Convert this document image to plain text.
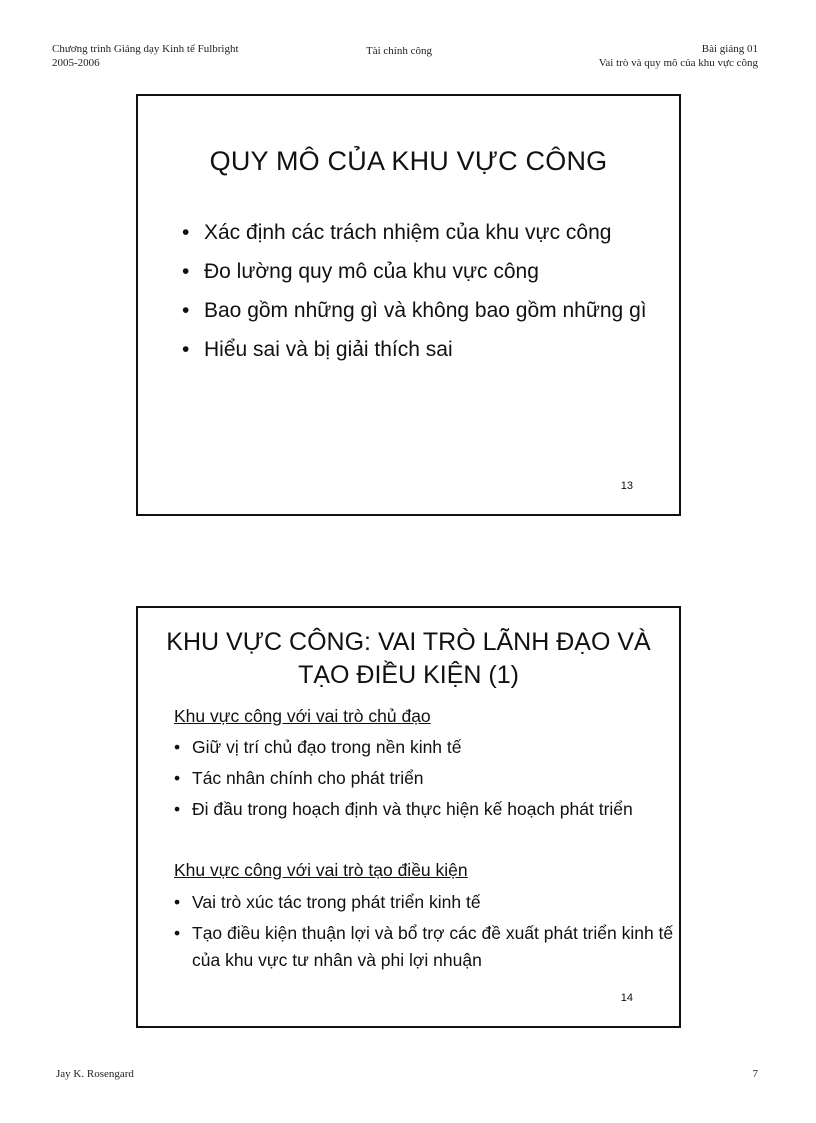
Chương trình Giảng dạy Kinh tế Fulbright
2005-2006
Tài chính công	Bài giảng 01
Vai trò và quy mô của khu vực công
QUY MÔ CỦA KHU VỰC CÔNG
• Xác định các trách nhiệm của khu vực công
• Đo lường quy mô của khu vực công
• Bao gồm những gì và không bao gồm những gì
• Hiểu sai và bị giải thích sai
13
KHU VỰC CÔNG: VAI TRÒ LÃNH ĐẠO VÀ
TẠO ĐIỀU KIỆN (1)
Khu vực công với vai trò chủ đạo
• Giữ vị trí chủ đạo trong nền kinh tế
• Tác nhân chính cho phát triển
• Đi đầu trong hoạch định và thực hiện kế hoạch phát triển
Khu vực công với vai trò tạo điều kiện
• Vai trò xúc tác trong phát triển kinh tế
• Tạo điều kiện thuận lợi và bổ trợ các đề xuất phát triển kinh tế của khu vực tư nhân và phi lợi nhuận
14
Jay K. Rosengard	7
